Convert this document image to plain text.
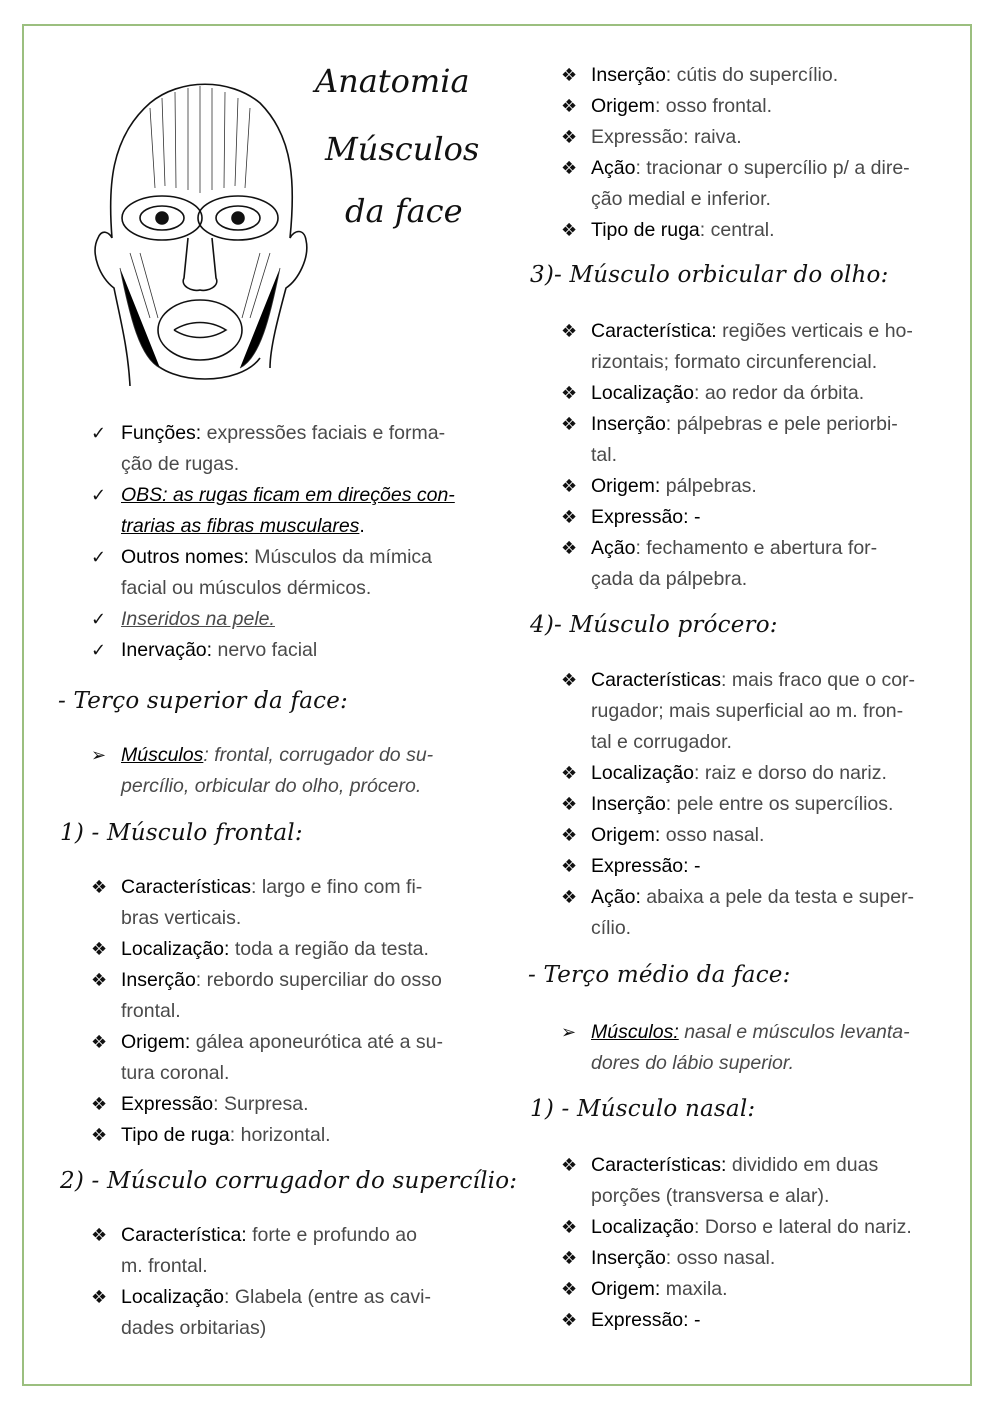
Anatomia
Músculos
da face
✓ Funções: expressões faciais e forma-
ção de rugas.
✓ OBS: as rugas ficam em direções con-
trarias as fibras musculares.
✓ Outros nomes: Músculos da mímica
facial ou músculos dérmicos.
✓ Inseridos na pele.
✓ Inervação: nervo facial
- Terço superior da face:
➢ Músculos: frontal, corrugador do su-
percílio, orbicular do olho, prócero.
1) - Músculo frontal:
❖ Características: largo e fino com fi-
bras verticais.
❖ Localização: toda a região da testa.
❖ Inserção: rebordo superciliar do osso
frontal.
❖ Origem: gálea aponeurótica até a su-
tura coronal.
❖ Expressão: Surpresa.
❖ Tipo de ruga: horizontal.
2) - Músculo corrugador do supercílio:
❖ Característica: forte e profundo ao
m. frontal.
❖ Localização: Glabela (entre as cavi-
dades orbitarias)
❖ Inserção: cútis do supercílio.
❖ Origem: osso frontal.
❖ Expressão: raiva.
❖ Ação: tracionar o supercílio p/ a dire-
ção medial e inferior.
❖ Tipo de ruga: central.
3)- Músculo orbicular do olho:
❖ Característica: regiões verticais e ho-
rizontais; formato circunferencial.
❖ Localização: ao redor da órbita.
❖ Inserção: pálpebras e pele periorbi-
tal.
❖ Origem: pálpebras.
❖ Expressão: -
❖ Ação: fechamento e abertura for-
çada da pálpebra.
4)- Músculo prócero:
❖ Características: mais fraco que o cor-
rugador; mais superficial ao m. fron-
tal e corrugador.
❖ Localização: raiz e dorso do nariz.
❖ Inserção: pele entre os supercílios.
❖ Origem: osso nasal.
❖ Expressão: -
❖ Ação: abaixa a pele da testa e super-
cílio.
- Terço médio da face:
➢ Músculos: nasal e músculos levanta-
dores do lábio superior.
1) - Músculo nasal:
❖ Características: dividido em duas
porções (transversa e alar).
❖ Localização: Dorso e lateral do nariz.
❖ Inserção: osso nasal.
❖ Origem: maxila.
❖ Expressão: -
